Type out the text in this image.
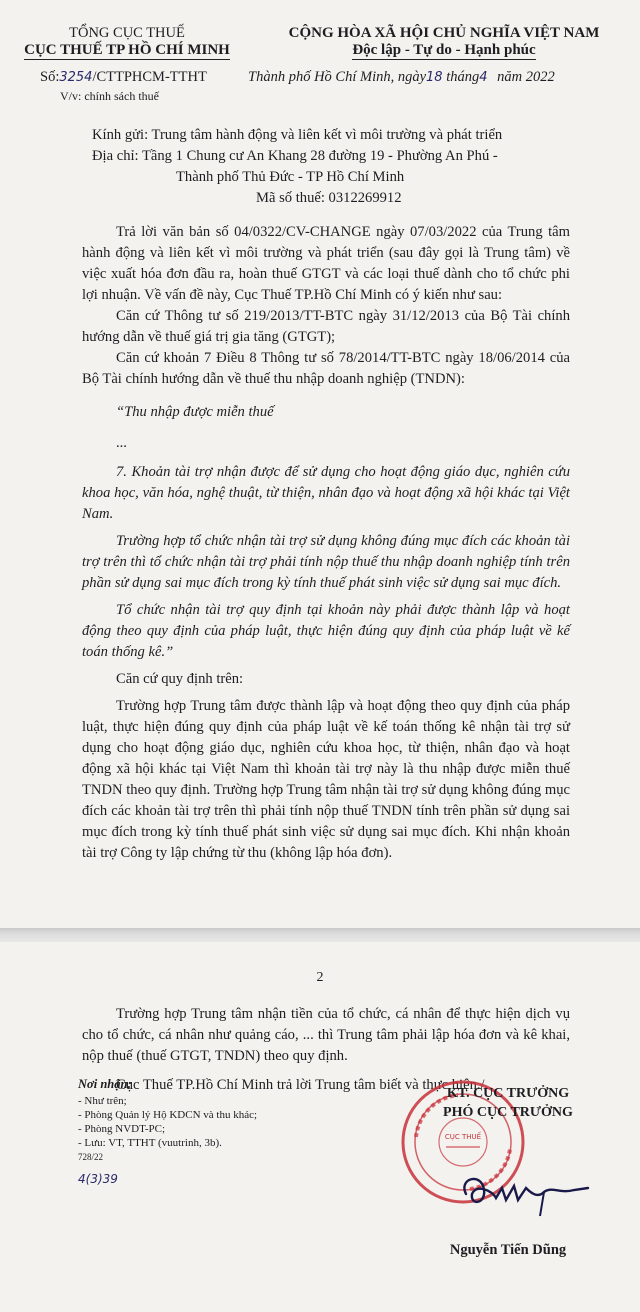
TỔNG CỤC THUẾ
CỤC THUẾ TP HỒ CHÍ MINH
CỘNG HÒA XÃ HỘI CHỦ NGHĨA VIỆT NAM
Độc lập - Tự do - Hạnh phúc
Số:3254/CTTPHCM-TTHT	Thành phố Hồ Chí Minh, ngày18 tháng4 năm 2022
V/v: chính sách thuế
Kính gửi: Trung tâm hành động và liên kết vì môi trường và phát triển
Địa chỉ: Tầng 1 Chung cư An Khang 28 đường 19 - Phường An Phú -
Thành phố Thủ Đức - TP Hồ Chí Minh
Mã số thuế: 0312269912

Trả lời văn bản số 04/0322/CV-CHANGE ngày 07/03/2022 của Trung tâm hành động và liên kết vì môi trường và phát triển (sau đây gọi là Trung tâm) về việc xuất hóa đơn đầu ra, hoàn thuế GTGT và các loại thuế dành cho tổ chức phi lợi nhuận. Về vấn đề này, Cục Thuế TP.Hồ Chí Minh có ý kiến như sau:

Căn cứ Thông tư số 219/2013/TT-BTC ngày 31/12/2013 của Bộ Tài chính hướng dẫn về thuế giá trị gia tăng (GTGT);

Căn cứ khoản 7 Điều 8 Thông tư số 78/2014/TT-BTC ngày 18/06/2014 của Bộ Tài chính hướng dẫn về thuế thu nhập doanh nghiệp (TNDN):

“Thu nhập được miễn thuế

...

7. Khoản tài trợ nhận được để sử dụng cho hoạt động giáo dục, nghiên cứu khoa học, văn hóa, nghệ thuật, từ thiện, nhân đạo và hoạt động xã hội khác tại Việt Nam.

Trường hợp tổ chức nhận tài trợ sử dụng không đúng mục đích các khoản tài trợ trên thì tổ chức nhận tài trợ phải tính nộp thuế thu nhập doanh nghiệp tính trên phần sử dụng sai mục đích trong kỳ tính thuế phát sinh việc sử dụng sai mục đích.

Tổ chức nhận tài trợ quy định tại khoản này phải được thành lập và hoạt động theo quy định của pháp luật, thực hiện đúng quy định của pháp luật về kế toán thống kê.”

Căn cứ quy định trên:

Trường hợp Trung tâm được thành lập và hoạt động theo quy định của pháp luật, thực hiện đúng quy định của pháp luật về kế toán thống kê nhận tài trợ sử dụng cho hoạt động giáo dục, nghiên cứu khoa học, từ thiện, nhân đạo và hoạt động xã hội khác tại Việt Nam thì khoản tài trợ này là thu nhập được miễn thuế TNDN theo quy định. Trường hợp Trung tâm nhận tài trợ sử dụng không đúng mục đích các khoản tài trợ trên thì phải tính nộp thuế TNDN tính trên phần sử dụng sai mục đích trong kỳ tính thuế phát sinh việc sử dụng sai mục đích. Khi nhận khoản tài trợ Công ty lập chứng từ thu (không lập hóa đơn).

2

Trường hợp Trung tâm nhận tiền của tổ chức, cá nhân để thực hiện dịch vụ cho tổ chức, cá nhân như quảng cáo, ... thì Trung tâm phải lập hóa đơn và kê khai, nộp thuế (thuế GTGT, TNDN) theo quy định.

Cục Thuế TP.Hồ Chí Minh trả lời Trung tâm biết và thực hiện./.

Nơi nhận:
- Như trên;
- Phòng Quản lý Hộ KDCN và thu khác;
- Phòng NVDT-PC;
- Lưu: VT, TTHT (vuutrinh, 3b).
728/22
4(3)39
CỤC THUẾ
KT. CỤC TRƯỞNG
PHÓ CỤC TRƯỞNG
Nguyễn Tiến Dũng
